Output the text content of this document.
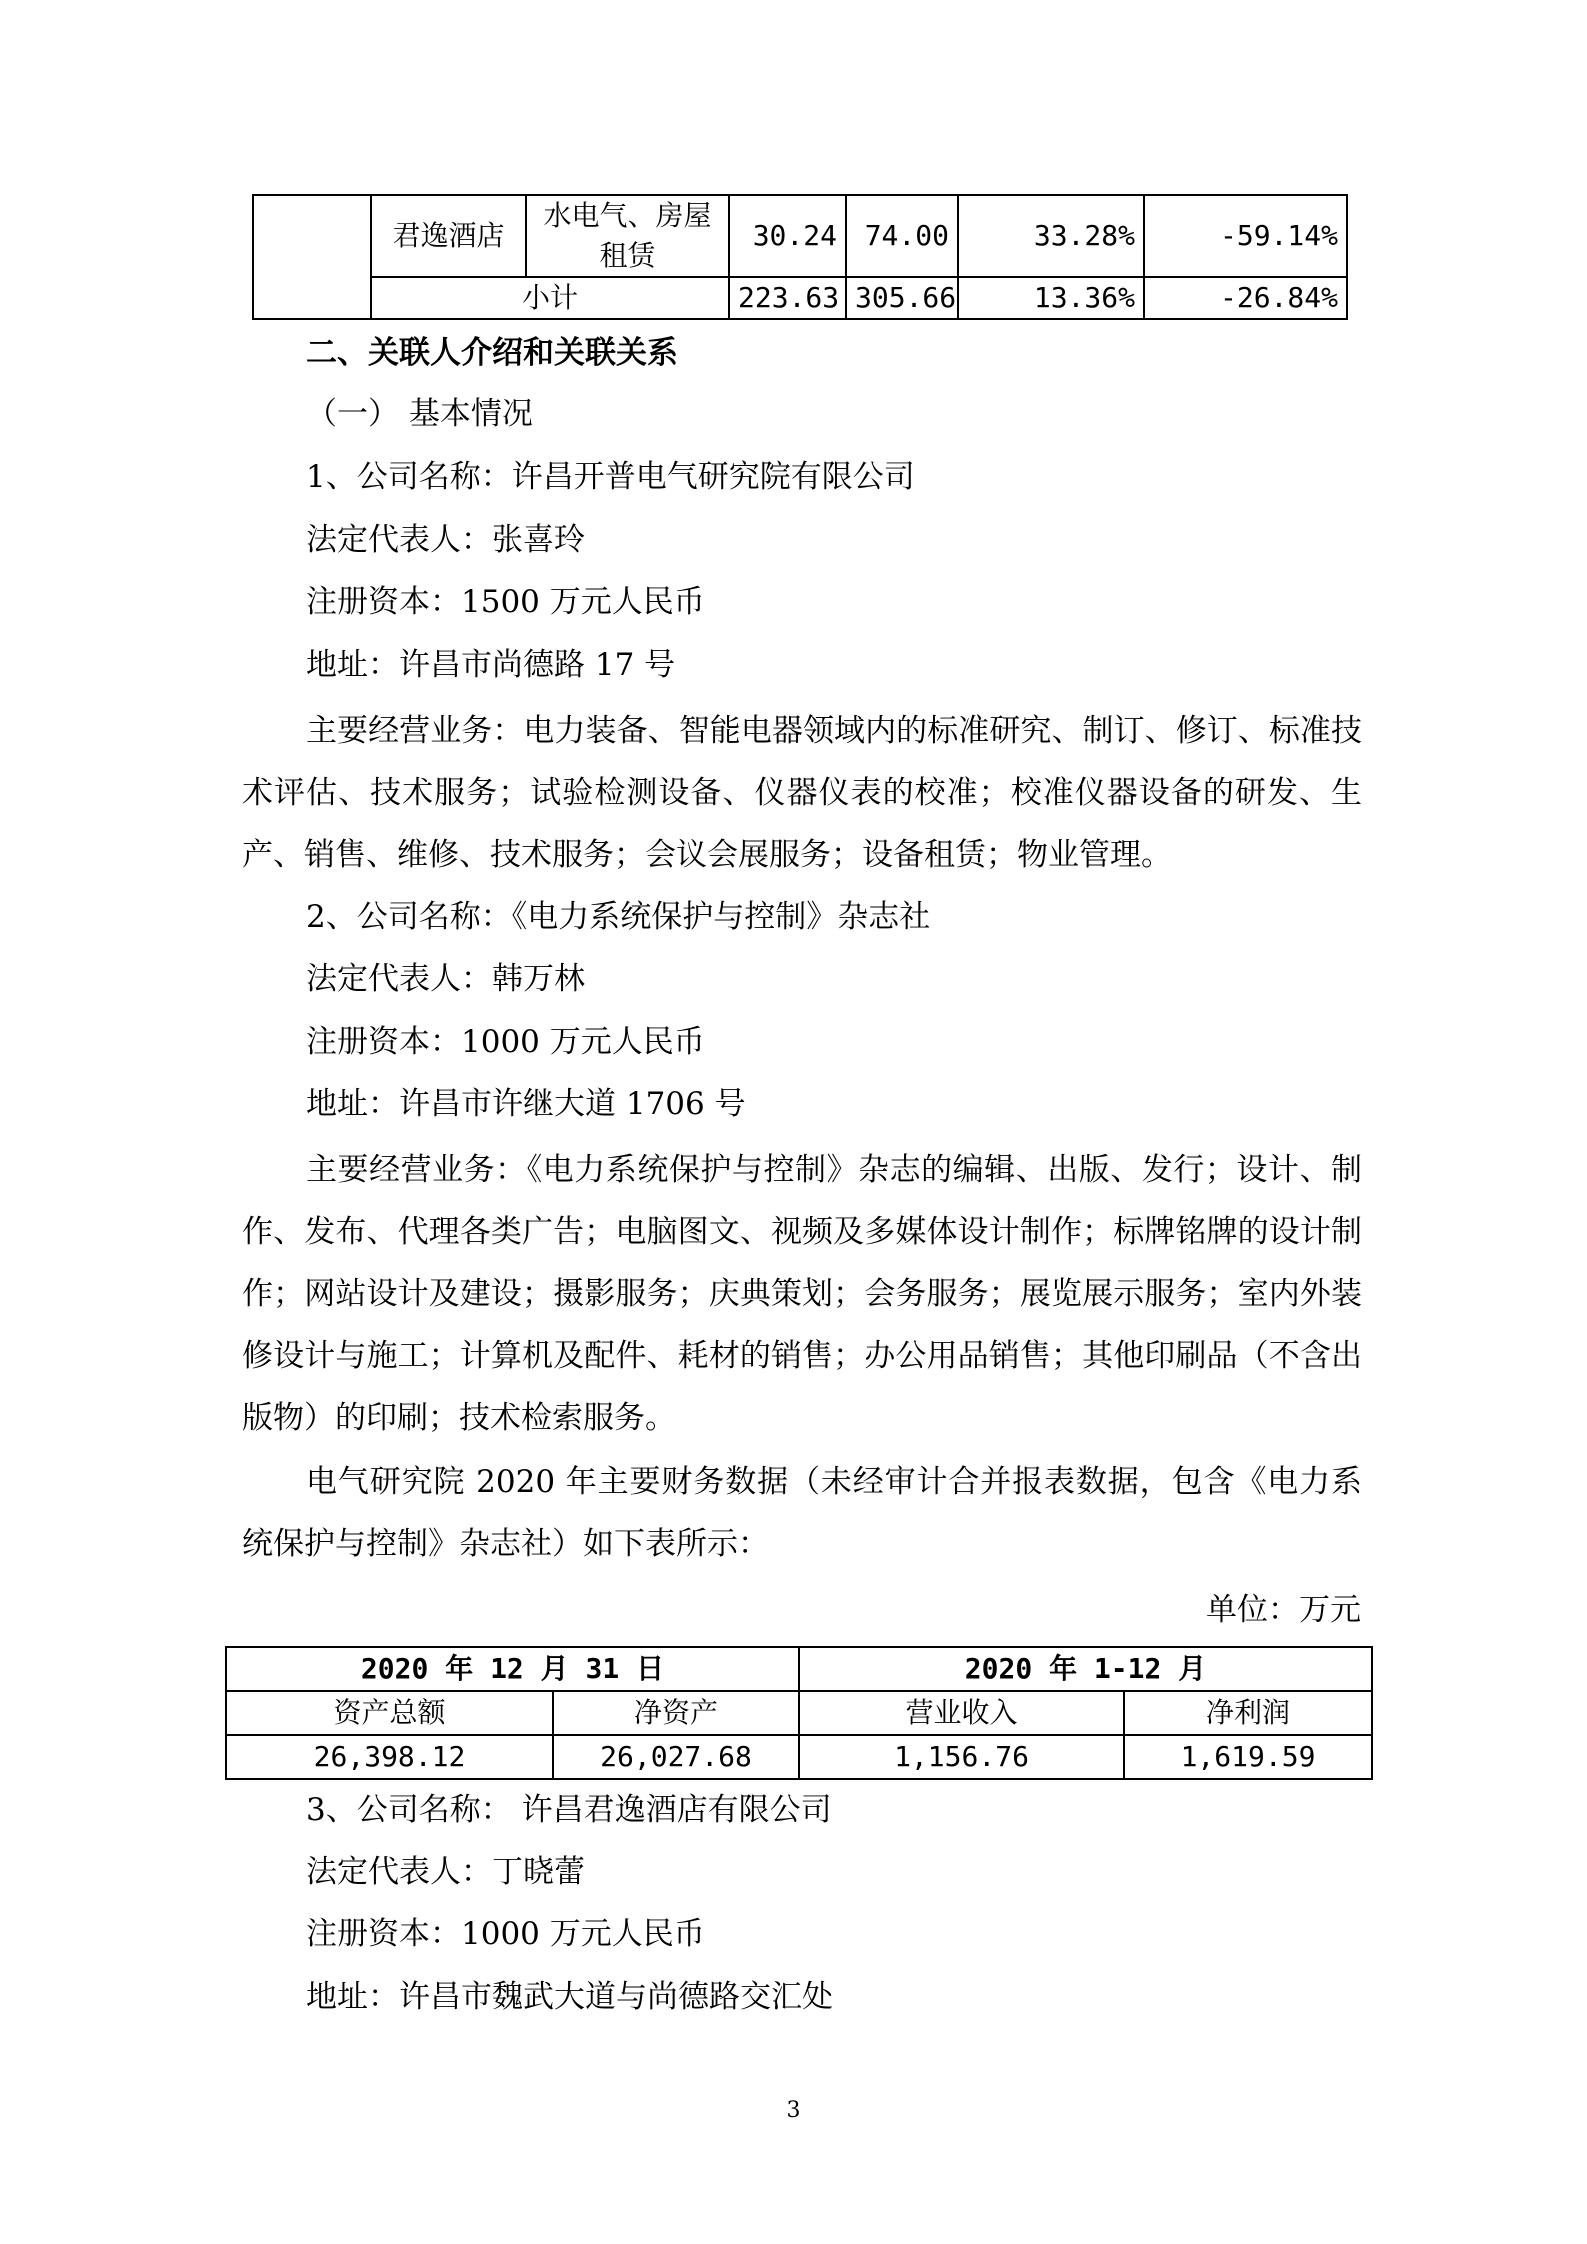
	君逸酒店	水电气、房屋租赁	30.24	74.00	33.28%	-59.14%
	小计		223.63	305.66	13.36%	-26.84%
二、关联人介绍和关联关系
（一） 基本情况
1、公司名称：许昌开普电气研究院有限公司
法定代表人：张喜玲
注册资本：1500 万元人民币
地址：许昌市尚德路 17 号
主要经营业务：电力装备、智能电器领域内的标准研究、制订、修订、标准技术评估、技术服务；试验检测设备、仪器仪表的校准；校准仪器设备的研发、生产、销售、维修、技术服务；会议会展服务；设备租赁；物业管理。
2、公司名称：《电力系统保护与控制》杂志社
法定代表人：韩万林
注册资本：1000 万元人民币
地址：许昌市许继大道 1706 号
主要经营业务：《电力系统保护与控制》杂志的编辑、出版、发行；设计、制作、发布、代理各类广告；电脑图文、视频及多媒体设计制作；标牌铭牌的设计制作；网站设计及建设；摄影服务；庆典策划；会务服务；展览展示服务；室内外装修设计与施工；计算机及配件、耗材的销售；办公用品销售；其他印刷品（不含出版物）的印刷；技术检索服务。
电气研究院 2020 年主要财务数据（未经审计合并报表数据，包含《电力系统保护与控制》杂志社）如下表所示：
单位：万元
2020 年 12 月 31 日		2020 年 1-12 月	
资产总额	净资产	营业收入	净利润
26,398.12	26,027.68	1,156.76	1,619.59
3、公司名称： 许昌君逸酒店有限公司
法定代表人：丁晓蕾
注册资本：1000 万元人民币
地址：许昌市魏武大道与尚德路交汇处
3
